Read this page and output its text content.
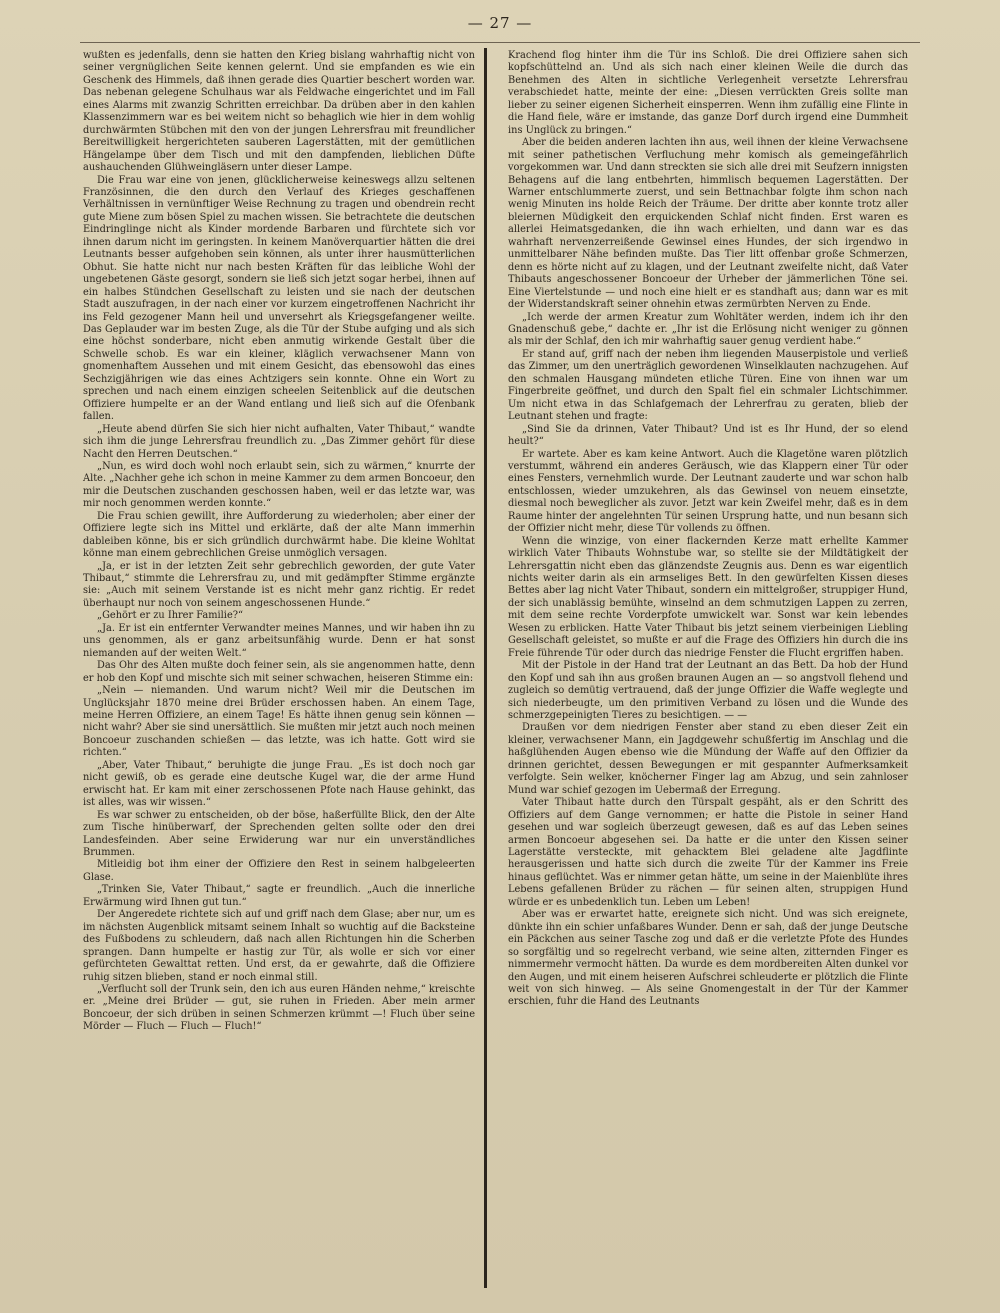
— 27 —

wußten es jedenfalls, denn sie hatten den Krieg bislang wahrhaftig nicht von seiner vergnüglichen Seite kennen gelernt. Und sie empfanden es wie ein Geschenk des Himmels, daß ihnen gerade dies Quartier beschert worden war. Das nebenan gelegene Schulhaus war als Feldwache eingerichtet und im Fall eines Alarms mit zwanzig Schritten erreichbar. Da drüben aber in den kahlen Klassenzimmern war es bei weitem nicht so behaglich wie hier in dem wohlig durchwärmten Stübchen mit den von der jungen Lehrersfrau mit freundlicher Bereitwilligkeit hergerichteten sauberen Lagerstätten, mit der gemütlichen Hängelampe über dem Tisch und mit den dampfenden, lieblichen Düfte aushauchenden Glühweingläsern unter dieser Lampe.

Die Frau war eine von jenen, glücklicherweise keineswegs allzu seltenen Französinnen, die den durch den Verlauf des Krieges geschaffenen Verhältnissen in vernünftiger Weise Rechnung zu tragen und obendrein recht gute Miene zum bösen Spiel zu machen wissen. Sie betrachtete die deutschen Eindringlinge nicht als Kinder mordende Barbaren und fürchtete sich vor ihnen darum nicht im geringsten. In keinem Manöverquartier hätten die drei Leutnants besser aufgehoben sein können, als unter ihrer hausmütterlichen Obhut. Sie hatte nicht nur nach besten Kräften für das leibliche Wohl der ungebetenen Gäste gesorgt, sondern sie ließ sich jetzt sogar herbei, ihnen auf ein halbes Stündchen Gesellschaft zu leisten und sie nach der deutschen Stadt auszufragen, in der nach einer vor kurzem eingetroffenen Nachricht ihr ins Feld gezogener Mann heil und unversehrt als Kriegsgefangener weilte. Das Geplauder war im besten Zuge, als die Tür der Stube aufging und als sich eine höchst sonderbare, nicht eben anmutig wirkende Gestalt über die Schwelle schob. Es war ein kleiner, kläglich verwachsener Mann von gnomenhaftem Aussehen und mit einem Gesicht, das ebensowohl das eines Sechzigjährigen wie das eines Achtzigers sein konnte. Ohne ein Wort zu sprechen und nach einem einzigen scheelen Seitenblick auf die deutschen Offiziere humpelte er an der Wand entlang und ließ sich auf die Ofenbank fallen.

„Heute abend dürfen Sie sich hier nicht aufhalten, Vater Thibaut,“ wandte sich ihm die junge Lehrersfrau freundlich zu. „Das Zimmer gehört für diese Nacht den Herren Deutschen.“

„Nun, es wird doch wohl noch erlaubt sein, sich zu wärmen,“ knurrte der Alte. „Nachher gehe ich schon in meine Kammer zu dem armen Boncoeur, den mir die Deutschen zuschanden geschossen haben, weil er das letzte war, was mir noch genommen werden konnte.“

Die Frau schien gewillt, ihre Aufforderung zu wiederholen; aber einer der Offiziere legte sich ins Mittel und erklärte, daß der alte Mann immerhin dableiben könne, bis er sich gründlich durchwärmt habe. Die kleine Wohltat könne man einem gebrechlichen Greise unmöglich versagen.

„Ja, er ist in der letzten Zeit sehr gebrechlich geworden, der gute Vater Thibaut,“ stimmte die Lehrersfrau zu, und mit gedämpfter Stimme ergänzte sie: „Auch mit seinem Verstande ist es nicht mehr ganz richtig. Er redet überhaupt nur noch von seinem angeschossenen Hunde.“

„Gehört er zu Ihrer Familie?“

„Ja. Er ist ein entfernter Verwandter meines Mannes, und wir haben ihn zu uns genommen, als er ganz arbeitsunfähig wurde. Denn er hat sonst niemanden auf der weiten Welt.“

Das Ohr des Alten mußte doch feiner sein, als sie angenommen hatte, denn er hob den Kopf und mischte sich mit seiner schwachen, heiseren Stimme ein:

„Nein — niemanden. Und warum nicht? Weil mir die Deutschen im Unglücksjahr 1870 meine drei Brüder erschossen haben. An einem Tage, meine Herren Offiziere, an einem Tage! Es hätte ihnen genug sein können — nicht wahr? Aber sie sind unersättlich. Sie mußten mir jetzt auch noch meinen Boncoeur zuschanden schießen — das letzte, was ich hatte. Gott wird sie richten.“

„Aber, Vater Thibaut,“ beruhigte die junge Frau. „Es ist doch noch gar nicht gewiß, ob es gerade eine deutsche Kugel war, die der arme Hund erwischt hat. Er kam mit einer zerschossenen Pfote nach Hause gehinkt, das ist alles, was wir wissen.“

Es war schwer zu entscheiden, ob der böse, haßerfüllte Blick, den der Alte zum Tische hinüberwarf, der Sprechenden gelten sollte oder den drei Landesfeinden. Aber seine Erwiderung war nur ein unverständliches Brummen.

Mitleidig bot ihm einer der Offiziere den Rest in seinem halbgeleerten Glase.

„Trinken Sie, Vater Thibaut,“ sagte er freundlich. „Auch die innerliche Erwärmung wird Ihnen gut tun.“

Der Angeredete richtete sich auf und griff nach dem Glase; aber nur, um es im nächsten Augenblick mitsamt seinem Inhalt so wuchtig auf die Backsteine des Fußbodens zu schleudern, daß nach allen Richtungen hin die Scherben sprangen. Dann humpelte er hastig zur Tür, als wolle er sich vor einer gefürchteten Gewalttat retten. Und erst, da er gewahrte, daß die Offiziere ruhig sitzen blieben, stand er noch einmal still.

„Verflucht soll der Trunk sein, den ich aus euren Händen nehme,“ kreischte er. „Meine drei Brüder — gut, sie ruhen in Frieden. Aber mein armer Boncoeur, der sich drüben in seinen Schmerzen krümmt —! Fluch über seine Mörder — Fluch — Fluch — Fluch!“

Krachend flog hinter ihm die Tür ins Schloß. Die drei Offiziere sahen sich kopfschüttelnd an. Und als sich nach einer kleinen Weile die durch das Benehmen des Alten in sichtliche Verlegenheit versetzte Lehrersfrau verabschiedet hatte, meinte der eine: „Diesen verrückten Greis sollte man lieber zu seiner eigenen Sicherheit einsperren. Wenn ihm zufällig eine Flinte in die Hand fiele, wäre er imstande, das ganze Dorf durch irgend eine Dummheit ins Unglück zu bringen.“

Aber die beiden anderen lachten ihn aus, weil ihnen der kleine Verwachsene mit seiner pathetischen Verfluchung mehr komisch als gemeingefährlich vorgekommen war. Und dann streckten sie sich alle drei mit Seufzern innigsten Behagens auf die lang entbehrten, himmlisch bequemen Lagerstätten. Der Warner entschlummerte zuerst, und sein Bettnachbar folgte ihm schon nach wenig Minuten ins holde Reich der Träume. Der dritte aber konnte trotz aller bleiernen Müdigkeit den erquickenden Schlaf nicht finden. Erst waren es allerlei Heimatsgedanken, die ihn wach erhielten, und dann war es das wahrhaft nervenzerreißende Gewinsel eines Hundes, der sich irgendwo in unmittelbarer Nähe befinden mußte. Das Tier litt offenbar große Schmerzen, denn es hörte nicht auf zu klagen, und der Leutnant zweifelte nicht, daß Vater Thibauts angeschossener Boncoeur der Urheber der jämmerlichen Töne sei. Eine Viertelstunde — und noch eine hielt er es standhaft aus; dann war es mit der Widerstandskraft seiner ohnehin etwas zermürbten Nerven zu Ende.

„Ich werde der armen Kreatur zum Wohltäter werden, indem ich ihr den Gnadenschuß gebe,“ dachte er. „Ihr ist die Erlösung nicht weniger zu gönnen als mir der Schlaf, den ich mir wahrhaftig sauer genug verdient habe.“

Er stand auf, griff nach der neben ihm liegenden Mauserpistole und verließ das Zimmer, um den unerträglich gewordenen Winselklauten nachzugehen. Auf den schmalen Hausgang mündeten etliche Türen. Eine von ihnen war um Fingerbreite geöffnet, und durch den Spalt fiel ein schmaler Lichtschimmer. Um nicht etwa in das Schlafgemach der Lehrerfrau zu geraten, blieb der Leutnant stehen und fragte:

„Sind Sie da drinnen, Vater Thibaut? Und ist es Ihr Hund, der so elend heult?“

Er wartete. Aber es kam keine Antwort. Auch die Klagetöne waren plötzlich verstummt, während ein anderes Geräusch, wie das Klappern einer Tür oder eines Fensters, vernehmlich wurde. Der Leutnant zauderte und war schon halb entschlossen, wieder umzukehren, als das Gewinsel von neuem einsetzte, diesmal noch beweglicher als zuvor. Jetzt war kein Zweifel mehr, daß es in dem Raume hinter der angelehnten Tür seinen Ursprung hatte, und nun besann sich der Offizier nicht mehr, diese Tür vollends zu öffnen.

Wenn die winzige, von einer flackernden Kerze matt erhellte Kammer wirklich Vater Thibauts Wohnstube war, so stellte sie der Mildtätigkeit der Lehrersgattin nicht eben das glänzendste Zeugnis aus. Denn es war eigentlich nichts weiter darin als ein armseliges Bett. In den gewürfelten Kissen dieses Bettes aber lag nicht Vater Thibaut, sondern ein mittelgroßer, struppiger Hund, der sich unablässig bemühte, winselnd an dem schmutzigen Lappen zu zerren, mit dem seine rechte Vorderpfote umwickelt war. Sonst war kein lebendes Wesen zu erblicken. Hatte Vater Thibaut bis jetzt seinem vierbeinigen Liebling Gesellschaft geleistet, so mußte er auf die Frage des Offiziers hin durch die ins Freie führende Tür oder durch das niedrige Fenster die Flucht ergriffen haben.

Mit der Pistole in der Hand trat der Leutnant an das Bett. Da hob der Hund den Kopf und sah ihn aus großen braunen Augen an — so angstvoll flehend und zugleich so demütig vertrauend, daß der junge Offizier die Waffe weglegte und sich niederbeugte, um den primitiven Verband zu lösen und die Wunde des schmerzgepeinigten Tieres zu besichtigen. — —

Draußen vor dem niedrigen Fenster aber stand zu eben dieser Zeit ein kleiner, verwachsener Mann, ein Jagdgewehr schußfertig im Anschlag und die haßglühenden Augen ebenso wie die Mündung der Waffe auf den Offizier da drinnen gerichtet, dessen Bewegungen er mit gespannter Aufmerksamkeit verfolgte. Sein welker, knöcherner Finger lag am Abzug, und sein zahnloser Mund war schief gezogen im Uebermaß der Erregung.

Vater Thibaut hatte durch den Türspalt gespäht, als er den Schritt des Offiziers auf dem Gange vernommen; er hatte die Pistole in seiner Hand gesehen und war sogleich überzeugt gewesen, daß es auf das Leben seines armen Boncoeur abgesehen sei. Da hatte er die unter den Kissen seiner Lagerstätte versteckte, mit gehacktem Blei geladene alte Jagdflinte herausgerissen und hatte sich durch die zweite Tür der Kammer ins Freie hinaus geflüchtet. Was er nimmer getan hätte, um seine in der Maienblüte ihres Lebens gefallenen Brüder zu rächen — für seinen alten, struppigen Hund würde er es unbedenklich tun. Leben um Leben!

Aber was er erwartet hatte, ereignete sich nicht. Und was sich ereignete, dünkte ihn ein schier unfaßbares Wunder. Denn er sah, daß der junge Deutsche ein Päckchen aus seiner Tasche zog und daß er die verletzte Pfote des Hundes so sorgfältig und so regelrecht verband, wie seine alten, zitternden Finger es nimmermehr vermocht hätten. Da wurde es dem mordbereiten Alten dunkel vor den Augen, und mit einem heiseren Aufschrei schleuderte er plötzlich die Flinte weit von sich hinweg. — Als seine Gnomengestalt in der Tür der Kammer erschien, fuhr die Hand des Leutnants
